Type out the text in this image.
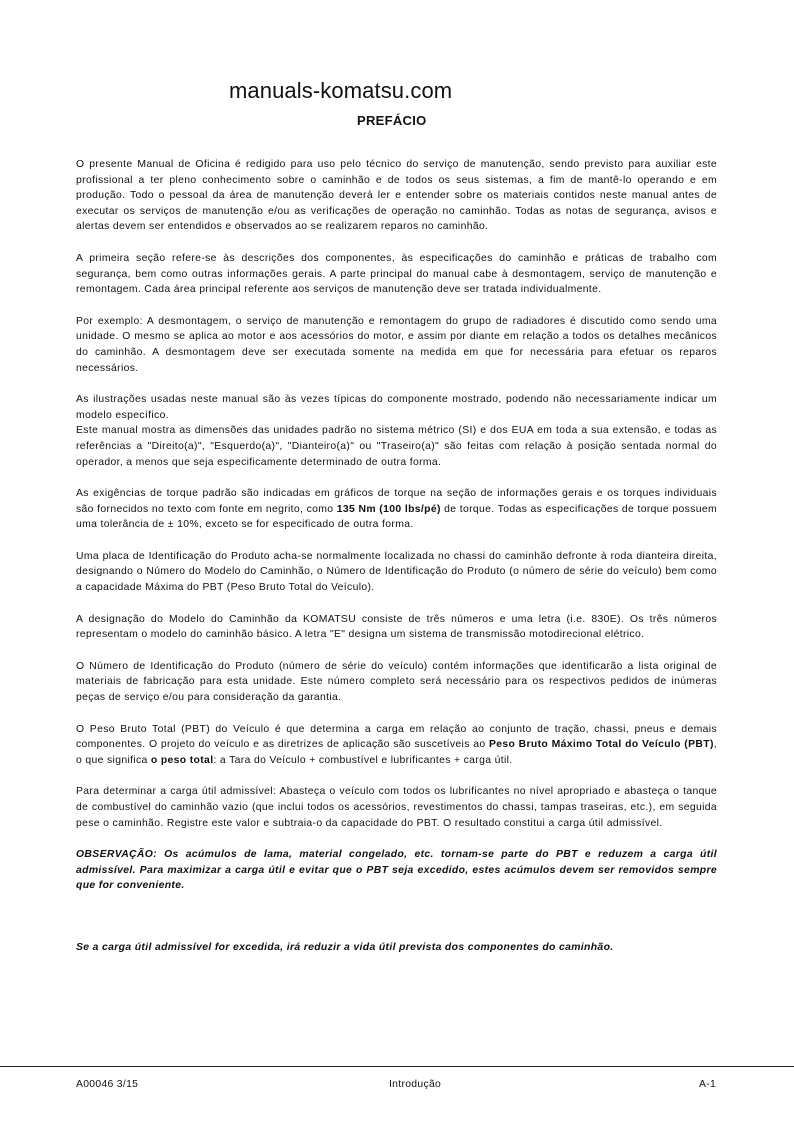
manuals-komatsu.com
PREFÁCIO

O presente Manual de Oficina é redigido para uso pelo técnico do serviço de manutenção, sendo previsto para auxiliar este profissional a ter pleno conhecimento sobre o caminhão e de todos os seus sistemas, a fim de mantê-lo operando e em produção. Todo o pessoal da área de manutenção deverá ler e entender sobre os materiais contidos neste manual antes de executar os serviços de manutenção e/ou as verificações de operação no caminhão. Todas as notas de segurança, avisos e alertas devem ser entendidos e observados ao se realizarem reparos no caminhão.

A primeira seção refere-se às descrições dos componentes, às especificações do caminhão e práticas de trabalho com segurança, bem como outras informações gerais. A parte principal do manual cabe à desmontagem, serviço de manutenção e remontagem. Cada área principal referente aos serviços de manutenção deve ser tratada individualmente.

Por exemplo: A desmontagem, o serviço de manutenção e remontagem do grupo de radiadores é discutido como sendo uma unidade. O mesmo se aplica ao motor e aos acessórios do motor, e assim por diante em relação a todos os detalhes mecânicos do caminhão. A desmontagem deve ser executada somente na medida em que for necessária para efetuar os reparos necessários.

As ilustrações usadas neste manual são às vezes típicas do componente mostrado, podendo não necessariamente indicar um modelo específico.

Este manual mostra as dimensões das unidades padrão no sistema métrico (SI) e dos EUA em toda a sua extensão, e todas as referências a "Direito(a)", "Esquerdo(a)", "Dianteiro(a)" ou "Traseiro(a)" são feitas com relação à posição sentada normal do operador, a menos que seja especificamente determinado de outra forma.

As exigências de torque padrão são indicadas em gráficos de torque na seção de informações gerais e os torques individuais são fornecidos no texto com fonte em negrito, como 135 Nm (100 lbs/pé) de torque. Todas as especificações de torque possuem uma tolerância de ± 10%, exceto se for especificado de outra forma.

Uma placa de Identificação do Produto acha-se normalmente localizada no chassi do caminhão defronte à roda dianteira direita, designando o Número do Modelo do Caminhão, o Número de Identificação do Produto (o número de série do veículo) bem como a capacidade Máxima do PBT (Peso Bruto Total do Veículo).

A designação do Modelo do Caminhão da KOMATSU consiste de três números e uma letra (i.e. 830E). Os três números representam o modelo do caminhão básico. A letra "E" designa um sistema de transmissão motodirecional elétrico.

O Número de Identificação do Produto (número de série do veículo) contém informações que identificarão a lista original de materiais de fabricação para esta unidade. Este número completo será necessário para os respectivos pedidos de inúmeras peças de serviço e/ou para consideração da garantia.

O Peso Bruto Total (PBT) do Veículo é que determina a carga em relação ao conjunto de tração, chassi, pneus e demais componentes. O projeto do veículo e as diretrizes de aplicação são suscetíveis ao Peso Bruto Máximo Total do Veículo (PBT), o que significa o peso total: a Tara do Veículo + combustível e lubrificantes + carga útil.

Para determinar a carga útil admissível: Abasteça o veículo com todos os lubrificantes no nível apropriado e abasteça o tanque de combustível do caminhão vazio (que inclui todos os acessórios, revestimentos do chassi, tampas traseiras, etc.), em seguida pese o caminhão. Registre este valor e subtraia-o da capacidade do PBT. O resultado constitui a carga útil admissível.

OBSERVAÇÃO: Os acúmulos de lama, material congelado, etc. tornam-se parte do PBT e reduzem a carga útil admissível. Para maximizar a carga útil e evitar que o PBT seja excedido, estes acúmulos devem ser removidos sempre que for conveniente.

Se a carga útil admissível for excedida, irá reduzir a vida útil prevista dos componentes do caminhão.

A00046 3/15	Introdução	A-1
